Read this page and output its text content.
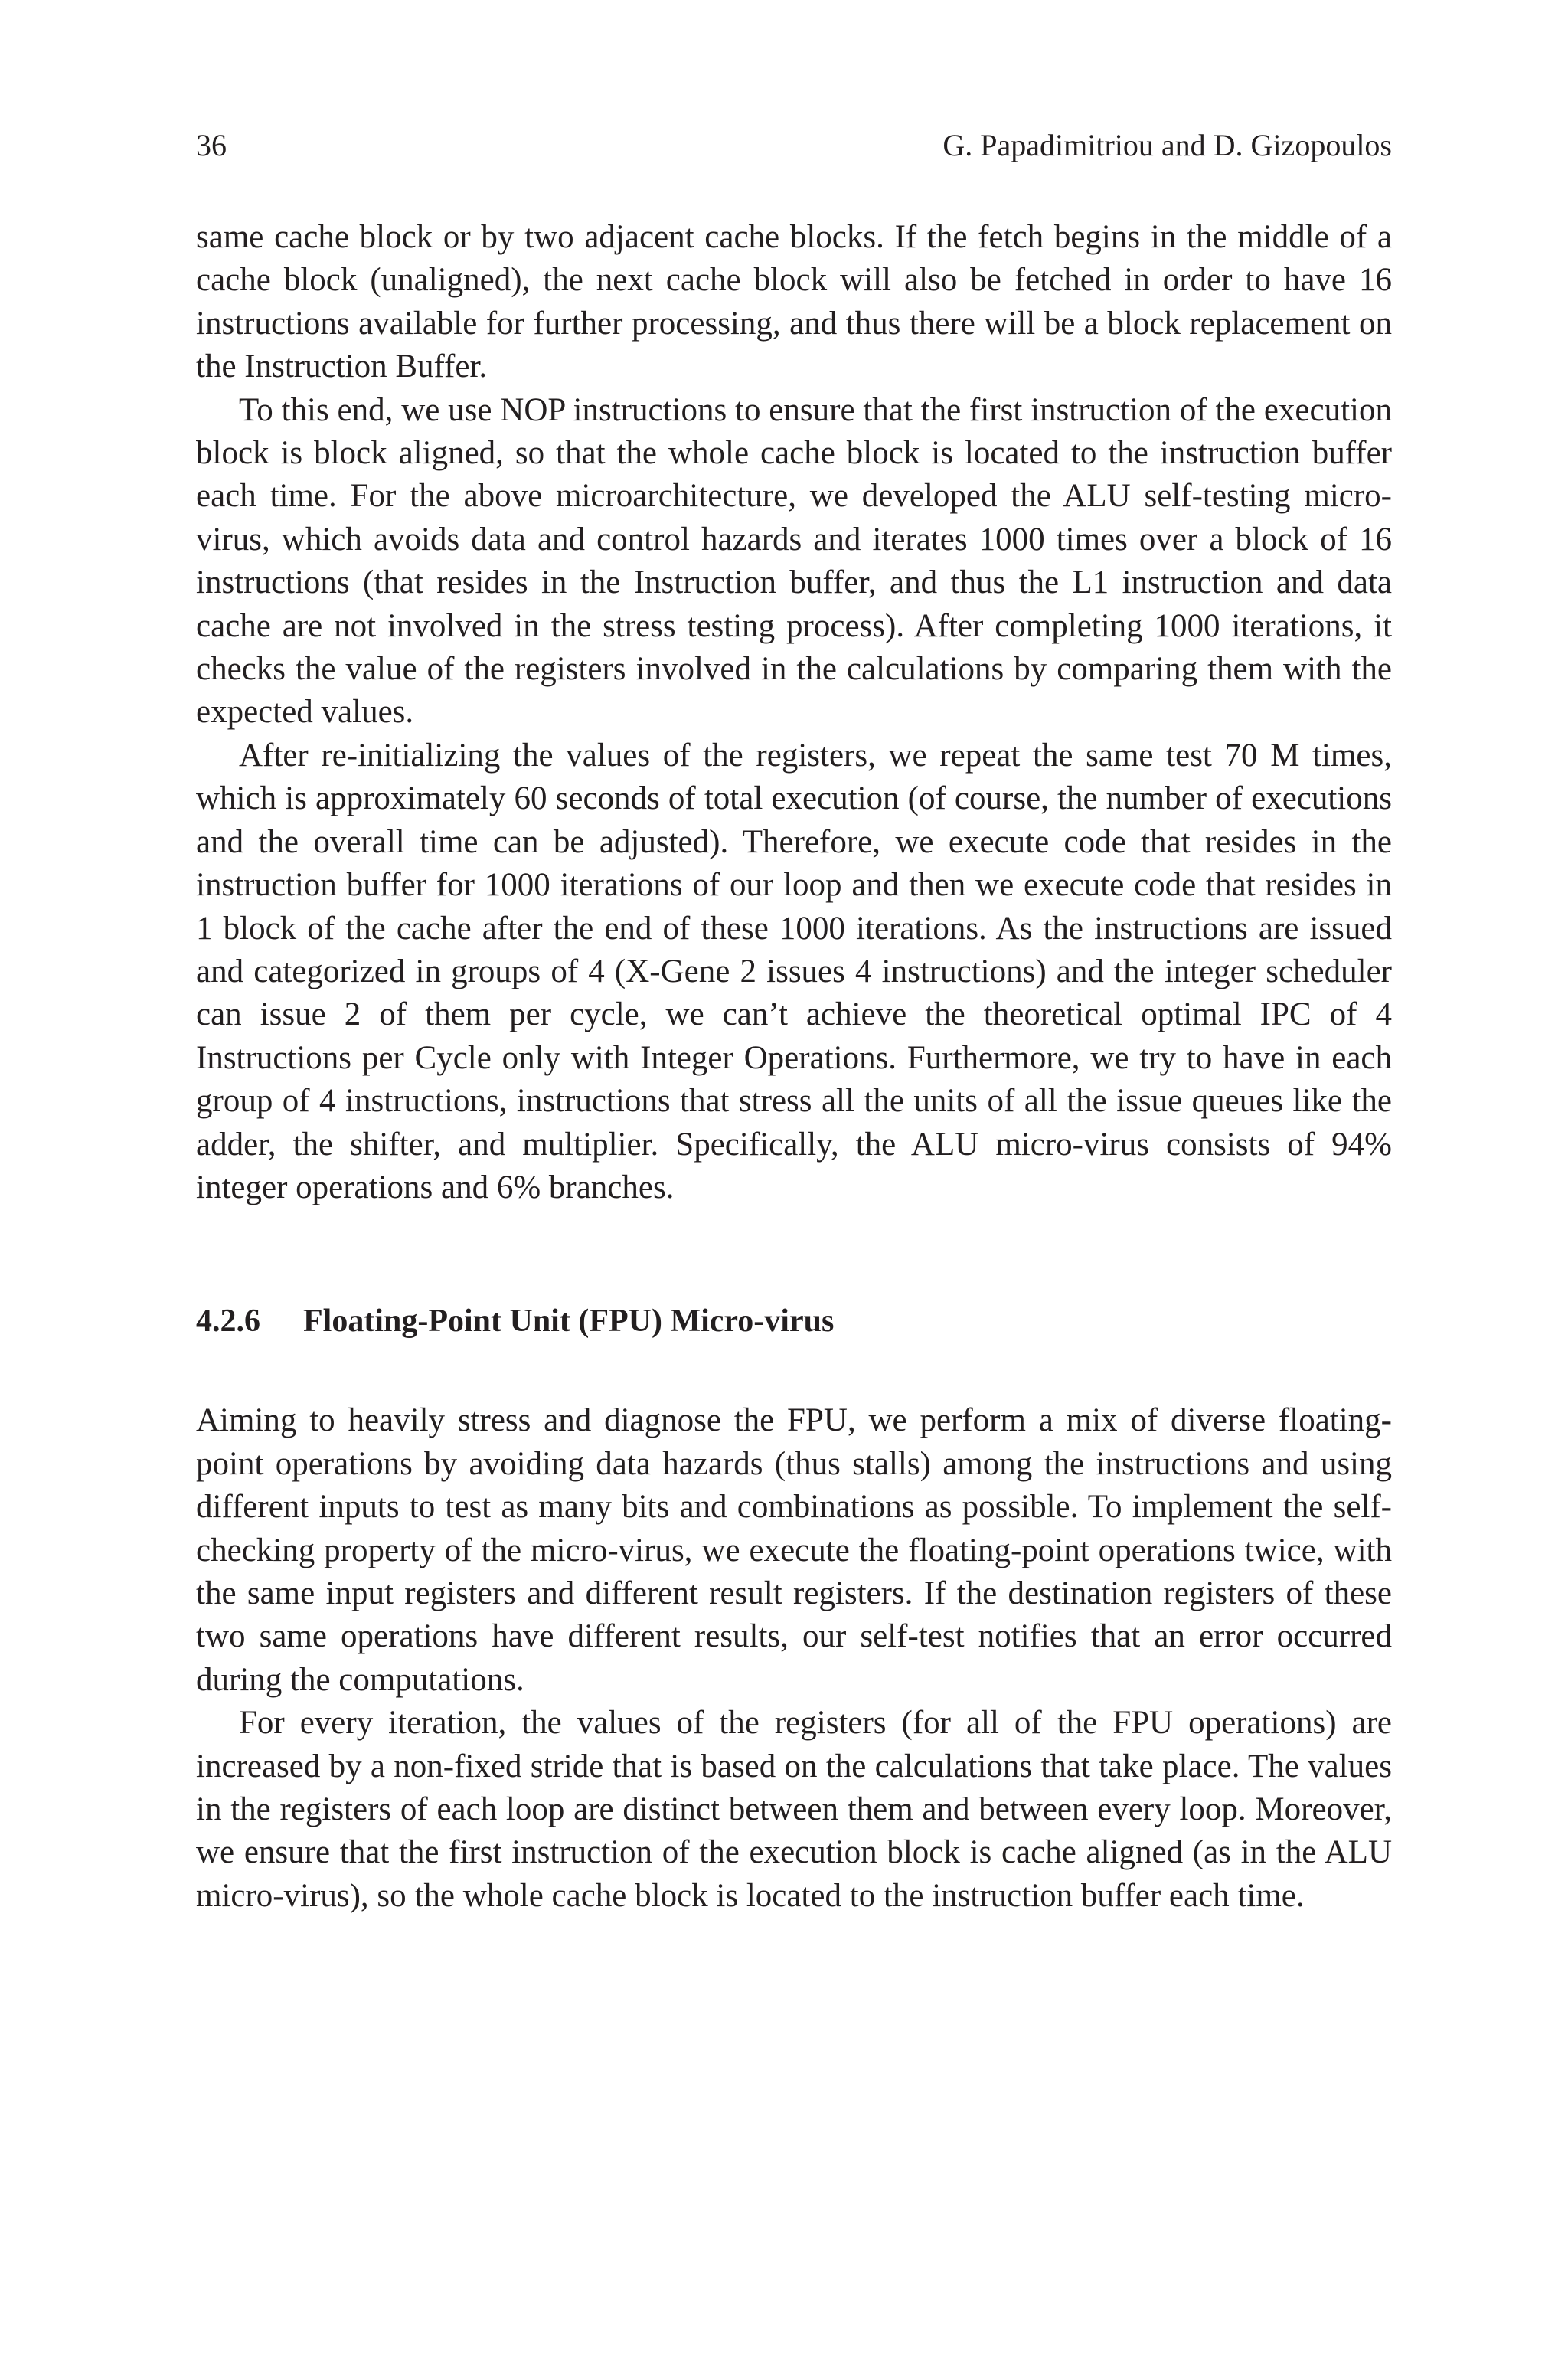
36	G. Papadimitriou and D. Gizopoulos

same cache block or by two adjacent cache blocks. If the fetch begins in the middle of a cache block (unaligned), the next cache block will also be fetched in order to have 16 instructions available for further processing, and thus there will be a block replacement on the Instruction Buffer.

To this end, we use NOP instructions to ensure that the first instruction of the execution block is block aligned, so that the whole cache block is located to the instruction buffer each time. For the above microarchitecture, we developed the ALU self-testing micro-virus, which avoids data and control hazards and iterates 1000 times over a block of 16 instructions (that resides in the Instruction buffer, and thus the L1 instruction and data cache are not involved in the stress testing process). After completing 1000 iterations, it checks the value of the registers involved in the calculations by comparing them with the expected values.

After re-initializing the values of the registers, we repeat the same test 70 M times, which is approximately 60 seconds of total execution (of course, the number of executions and the overall time can be adjusted). Therefore, we execute code that resides in the instruction buffer for 1000 iterations of our loop and then we execute code that resides in 1 block of the cache after the end of these 1000 iterations. As the instructions are issued and categorized in groups of 4 (X-Gene 2 issues 4 instructions) and the integer scheduler can issue 2 of them per cycle, we can’t achieve the theoretical optimal IPC of 4 Instructions per Cycle only with Integer Operations. Furthermore, we try to have in each group of 4 instructions, instructions that stress all the units of all the issue queues like the adder, the shifter, and multiplier. Specifically, the ALU micro-virus consists of 94% integer operations and 6% branches.

4.2.6 Floating-Point Unit (FPU) Micro-virus

Aiming to heavily stress and diagnose the FPU, we perform a mix of diverse floating-point operations by avoiding data hazards (thus stalls) among the instructions and using different inputs to test as many bits and combinations as possible. To implement the self-checking property of the micro-virus, we execute the floating-point operations twice, with the same input registers and different result registers. If the destination registers of these two same operations have different results, our self-test notifies that an error occurred during the computations.

For every iteration, the values of the registers (for all of the FPU operations) are increased by a non-fixed stride that is based on the calculations that take place. The values in the registers of each loop are distinct between them and between every loop. Moreover, we ensure that the first instruction of the execution block is cache aligned (as in the ALU micro-virus), so the whole cache block is located to the instruction buffer each time.
